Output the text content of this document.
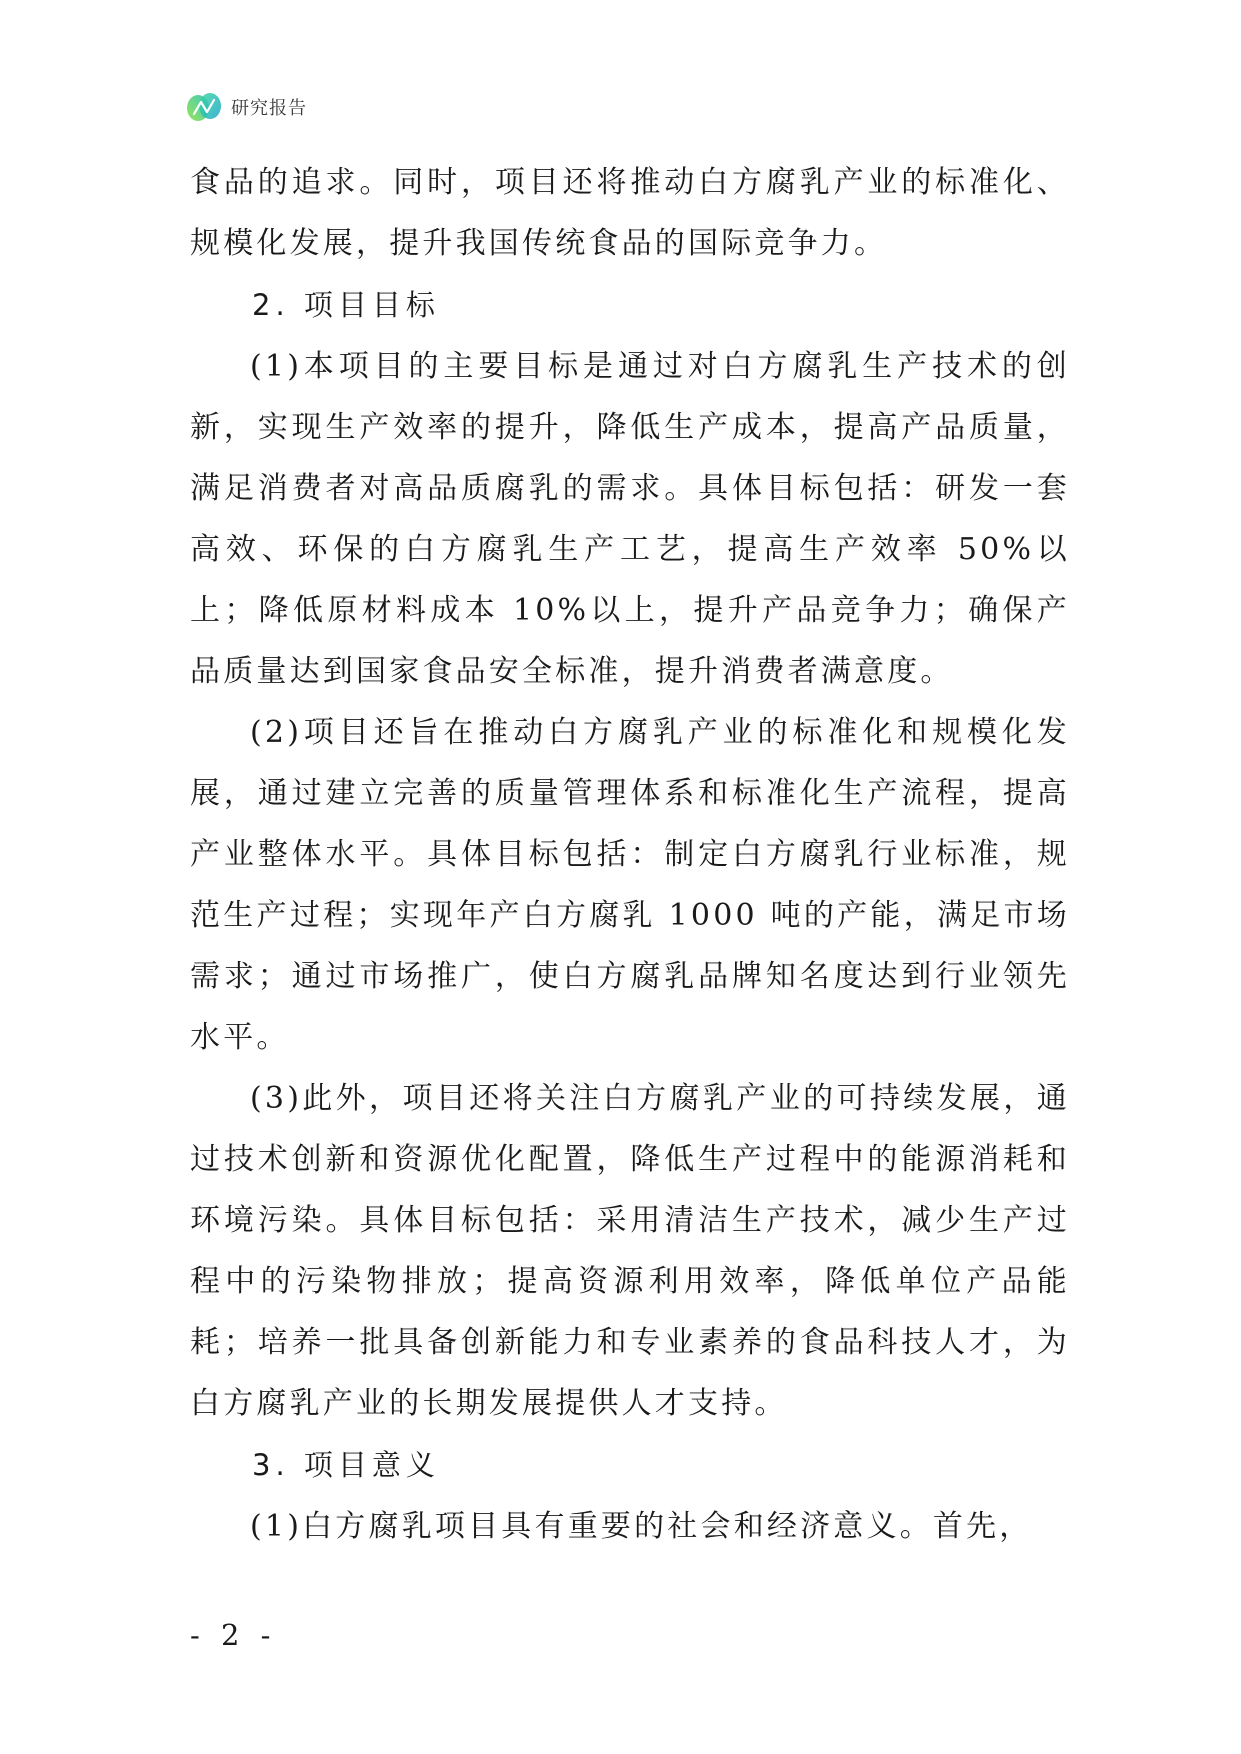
研究报告

食品的追求。同时，项目还将推动白方腐乳产业的标准化、规模化发展，提升我国传统食品的国际竞争力。

2. 项目目标

(1)本项目的主要目标是通过对白方腐乳生产技术的创新，实现生产效率的提升，降低生产成本，提高产品质量，满足消费者对高品质腐乳的需求。具体目标包括：研发一套高效、环保的白方腐乳生产工艺，提高生产效率 50%以上；降低原材料成本 10%以上，提升产品竞争力；确保产品质量达到国家食品安全标准，提升消费者满意度。

(2)项目还旨在推动白方腐乳产业的标准化和规模化发展，通过建立完善的质量管理体系和标准化生产流程，提高产业整体水平。具体目标包括：制定白方腐乳行业标准，规范生产过程；实现年产白方腐乳 1000 吨的产能，满足市场需求；通过市场推广，使白方腐乳品牌知名度达到行业领先水平。

(3)此外，项目还将关注白方腐乳产业的可持续发展，通过技术创新和资源优化配置，降低生产过程中的能源消耗和环境污染。具体目标包括：采用清洁生产技术，减少生产过程中的污染物排放；提高资源利用效率，降低单位产品能耗；培养一批具备创新能力和专业素养的食品科技人才，为白方腐乳产业的长期发展提供人才支持。

3. 项目意义

(1)白方腐乳项目具有重要的社会和经济意义。首先，

- 2 -
